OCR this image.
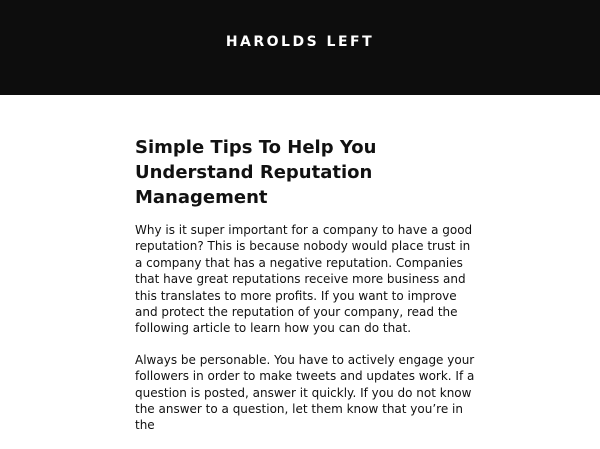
HAROLDS LEFT
Simple Tips To Help You Understand Reputation Management

Why is it super important for a company to have a good reputation? This is because nobody would place trust in a company that has a negative reputation. Companies that have great reputations receive more business and this translates to more profits. If you want to improve and protect the reputation of your company, read the following article to learn how you can do that.

Always be personable. You have to actively engage your followers in order to make tweets and updates work. If a question is posted, answer it quickly. If you do not know the answer to a question, let them know that you’re in the
